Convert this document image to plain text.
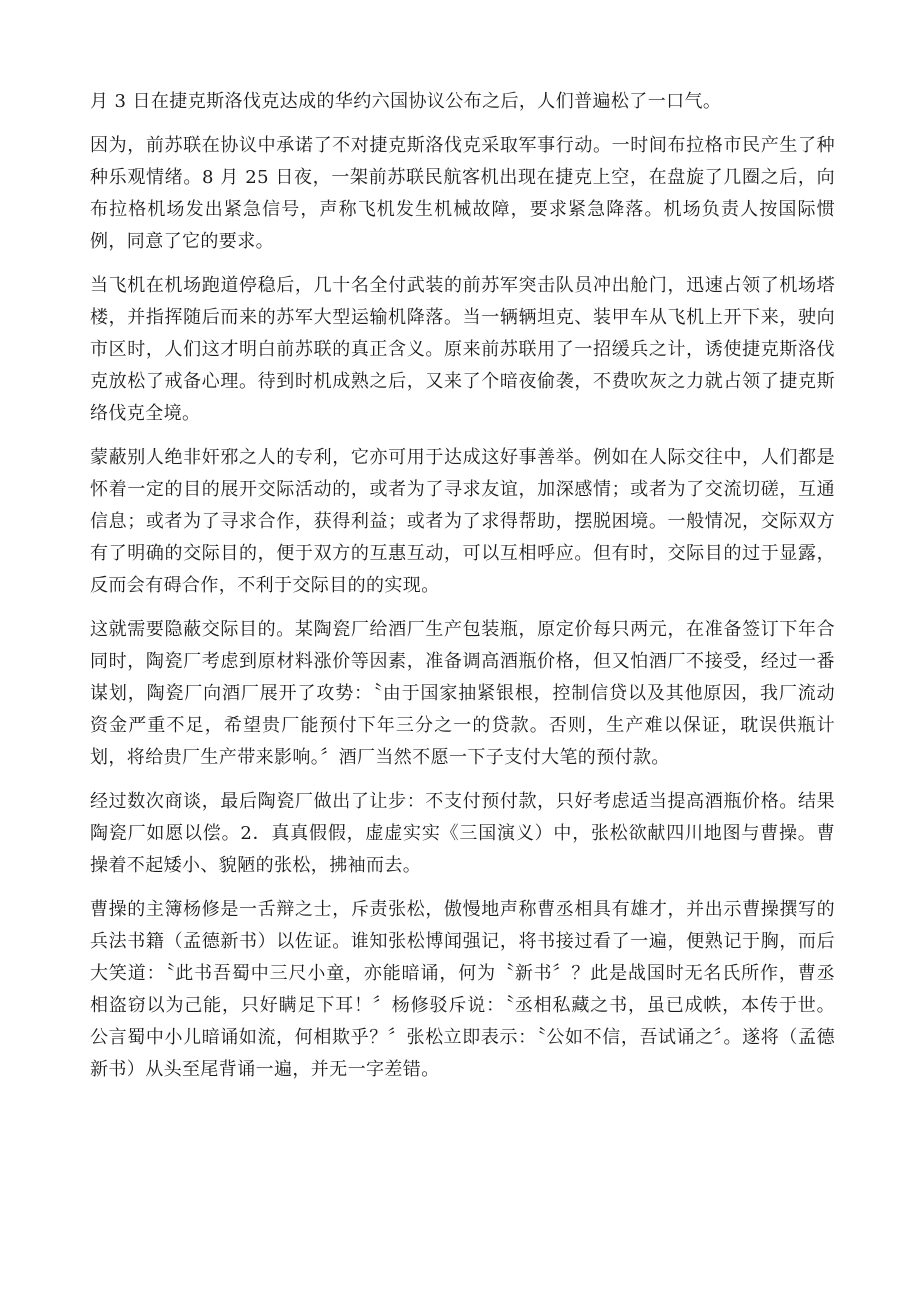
月 3 日在捷克斯洛伐克达成的华约六国协议公布之后，人们普遍松了一口气。

因为，前苏联在协议中承诺了不对捷克斯洛伐克采取军事行动。一时间布拉格市民产生了种种乐观情绪。8 月 25 日夜，一架前苏联民航客机出现在捷克上空，在盘旋了几圈之后，向布拉格机场发出紧急信号，声称飞机发生机械故障，要求紧急降落。机场负责人按国际惯例，同意了它的要求。

当飞机在机场跑道停稳后，几十名全付武装的前苏军突击队员冲出舱门，迅速占领了机场塔楼，并指挥随后而来的苏军大型运输机降落。当一辆辆坦克、装甲车从飞机上开下来，驶向市区时，人们这才明白前苏联的真正含义。原来前苏联用了一招缓兵之计，诱使捷克斯洛伐克放松了戒备心理。待到时机成熟之后，又来了个暗夜偷袭，不费吹灰之力就占领了捷克斯络伐克全境。

蒙蔽别人绝非奸邪之人的专利，它亦可用于达成这好事善举。例如在人际交往中，人们都是怀着一定的目的展开交际活动的，或者为了寻求友谊，加深感情；或者为了交流切磋，互通信息；或者为了寻求合作，获得利益；或者为了求得帮助，摆脱困境。一般情况，交际双方有了明确的交际目的，便于双方的互惠互动，可以互相呼应。但有时，交际目的过于显露，反而会有碍合作，不利于交际目的的实现。

这就需要隐蔽交际目的。某陶瓷厂给酒厂生产包装瓶，原定价每只两元，在准备签订下年合同时，陶瓷厂考虑到原材料涨价等因素，准备调高酒瓶价格，但又怕酒厂不接受，经过一番谋划，陶瓷厂向酒厂展开了攻势：〝由于国家抽紧银根，控制信贷以及其他原因，我厂流动资金严重不足，希望贵厂能预付下年三分之一的贷款。否则，生产难以保证，耽误供瓶计划，将给贵厂生产带来影响。〞酒厂当然不愿一下子支付大笔的预付款。

经过数次商谈，最后陶瓷厂做出了让步：不支付预付款，只好考虑适当提高酒瓶价格。结果陶瓷厂如愿以偿。2．真真假假，虚虚实实《三国演义）中，张松欲献四川地图与曹操。曹操着不起矮小、貌陋的张松，拂袖而去。

曹操的主簿杨修是一舌辩之士，斥责张松，傲慢地声称曹丞相具有雄才，并出示曹操撰写的兵法书籍（孟德新书）以佐证。谁知张松博闻强记，将书接过看了一遍，便熟记于胸，而后大笑道：〝此书吾蜀中三尺小童，亦能暗诵，何为〝新书〞？此是战国时无名氏所作，曹丞相盗窃以为己能，只好瞒足下耳！〞杨修驳斥说：〝丞相私藏之书，虽已成帙，本传于世。公言蜀中小儿暗诵如流，何相欺乎？〞张松立即表示：〝公如不信，吾试诵之〞。遂将（孟德新书）从头至尾背诵一遍，并无一字差错。
